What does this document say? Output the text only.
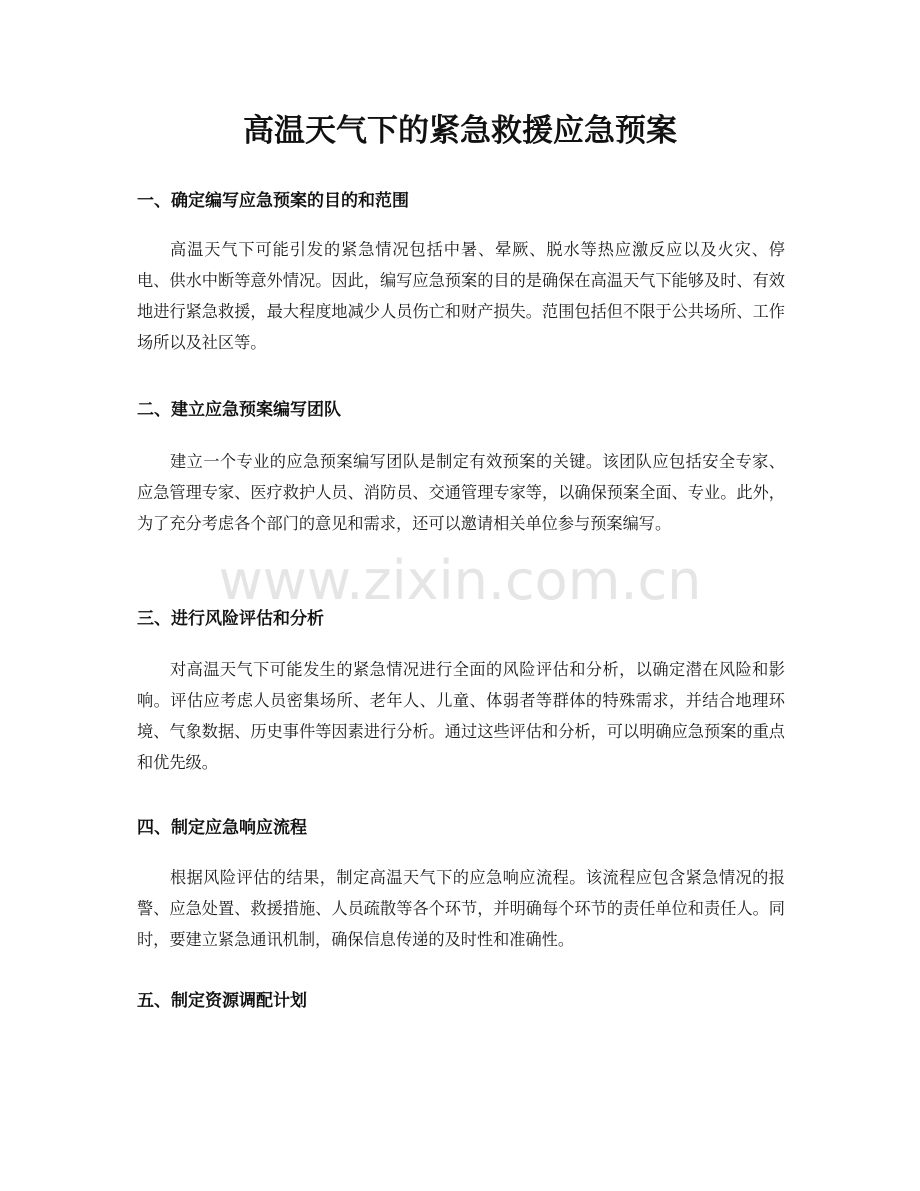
高温天气下的紧急救援应急预案
一、确定编写应急预案的目的和范围

高温天气下可能引发的紧急情况包括中暑、晕厥、脱水等热应激反应以及火灾、停电、供水中断等意外情况。因此，编写应急预案的目的是确保在高温天气下能够及时、有效地进行紧急救援，最大程度地减少人员伤亡和财产损失。范围包括但不限于公共场所、工作场所以及社区等。

二、建立应急预案编写团队

建立一个专业的应急预案编写团队是制定有效预案的关键。该团队应包括安全专家、应急管理专家、医疗救护人员、消防员、交通管理专家等，以确保预案全面、专业。此外，为了充分考虑各个部门的意见和需求，还可以邀请相关单位参与预案编写。

三、进行风险评估和分析

对高温天气下可能发生的紧急情况进行全面的风险评估和分析，以确定潜在风险和影响。评估应考虑人员密集场所、老年人、儿童、体弱者等群体的特殊需求，并结合地理环境、气象数据、历史事件等因素进行分析。通过这些评估和分析，可以明确应急预案的重点和优先级。

四、制定应急响应流程

根据风险评估的结果，制定高温天气下的应急响应流程。该流程应包含紧急情况的报警、应急处置、救援措施、人员疏散等各个环节，并明确每个环节的责任单位和责任人。同时，要建立紧急通讯机制，确保信息传递的及时性和准确性。

五、制定资源调配计划
www.zixin.com.cn
